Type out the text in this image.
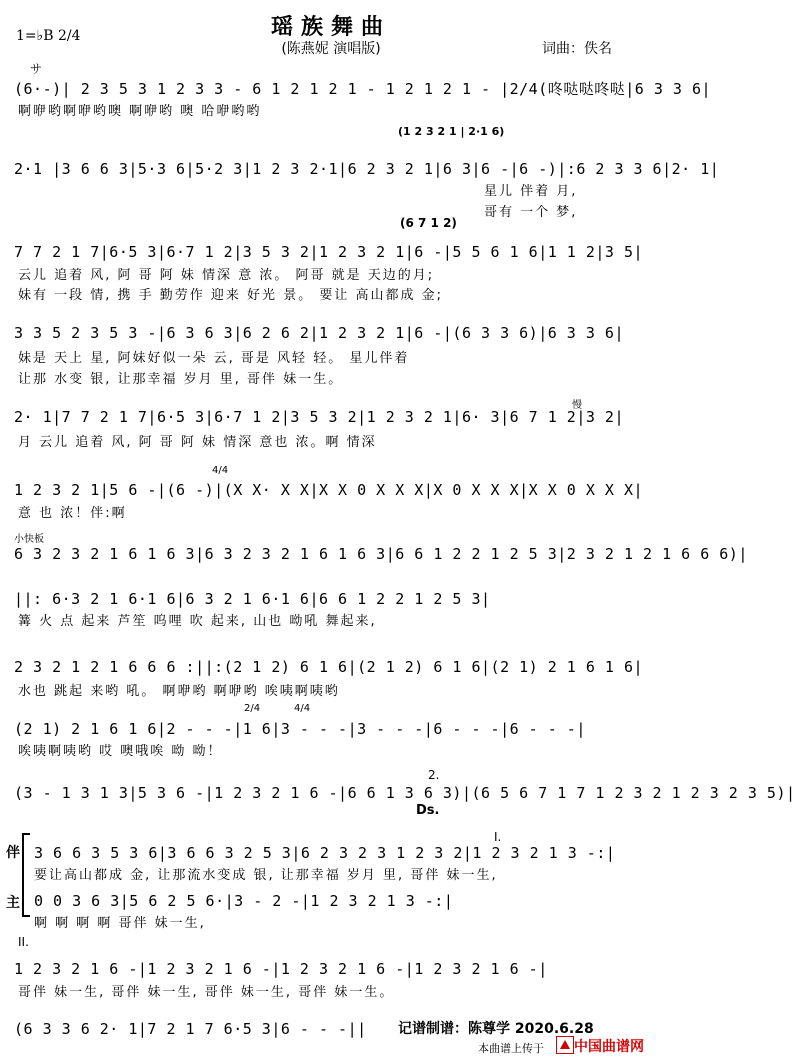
1=♭B 2/4	瑶族舞曲
(陈燕妮 演唱版)	词曲：佚名
サ
(1 2 3 2 1 | 2·1 6)
(6 7 1 2)
4/4
慢
小快板
2/4	4/4
2.
Ds.
I.
II.
(6·-)| 2 3 5 3 1 2 3 3 - 6 1 2 1 2 1 - 1 2 1 2 1 - |2/4(咚哒哒咚哒|6 3 3 6|
啊咿哟啊咿哟噢 啊咿哟 噢 哈咿哟哟
2·1 |3 6 6 3|5·3 6|5·2 3|1 2 3 2·1|6 2 3 2 1|6 3|6 -|6 -)|:6 2 3 3 6|2· 1|
星儿 伴着 月,
哥有 一个 梦,
7 7 2 1 7|6·5 3|6·7 1 2|3 5 3 2|1 2 3 2 1|6 -|5 5 6 1 6|1 1 2|3 5|
云儿 追着 风, 阿 哥 阿 妹 情深 意 浓。 阿哥 就是 天边的月;
妹有 一段 情, 携 手 勤劳作 迎来 好光 景。 要让 高山都成 金;
3 3 5 2 3 5 3 -|6 3 6 3|6 2 6 2|1 2 3 2 1|6 -|(6 3 3 6)|6 3 3 6|
妹是 天上 星, 阿妹好似一朵 云, 哥是 风轻 轻。 星儿伴着
让那 水变 银, 让那幸福 岁月 里, 哥伴 妹一生。
2· 1|7 7 2 1 7|6·5 3|6·7 1 2|3 5 3 2|1 2 3 2 1|6· 3|6 7 1 2|3 2|
月 云儿 追着 风, 阿 哥 阿 妹 情深 意也 浓。啊 情深
1 2 3 2 1|5 6 -|(6 -)|(X X· X X|X X 0 X X X|X 0 X X X|X X 0 X X X|
意 也 浓！伴:啊
6 3 2 3 2 1 6 1 6 3|6 3 2 3 2 1 6 1 6 3|6 6 1 2 2 1 2 5 3|2 3 2 1 2 1 6 6 6)|
||: 6·3 2 1 6·1 6|6 3 2 1 6·1 6|6 6 1 2 2 1 2 5 3|
篝 火 点 起来 芦笙 呜哩 吹 起来, 山也 呦吼 舞起来,
2 3 2 1 2 1 6 6 6 :||:(2 1 2) 6 1 6|(2 1 2) 6 1 6|(2 1) 2 1 6 1 6|
水也 跳起 来哟 吼。 啊咿哟 啊咿哟 唉咦啊咦哟
(2 1) 2 1 6 1 6|2 - - -|1 6|3 - - -|3 - - -|6 - - -|6 - - -|
唉咦啊咦哟 哎 噢哦唉 呦 呦！
(3 - 1 3 1 3|5 3 6 -|1 2 3 2 1 6 -|6 6 1 3 6 3)|(6 5 6 7 1 7 1 2 3 2 1 2 3 2 3 5)|
伴
主
3 6 6 3 5 3 6|3 6 6 3 2 5 3|6 2 3 2 3 1 2 3 2|1 2 3 2 1 3 -:|
要让高山都成 金, 让那流水变成 银, 让那幸福 岁月 里, 哥伴 妹一生,
0 0 3 6 3|5 6 2 5 6·|3 - 2 -|1 2 3 2 1 3 -:|
啊 啊 啊 啊 哥伴 妹一生,
1 2 3 2 1 6 -|1 2 3 2 1 6 -|1 2 3 2 1 6 -|1 2 3 2 1 6 -|
哥伴 妹一生, 哥伴 妹一生, 哥伴 妹一生, 哥伴 妹一生。
(6 3 3 6 2· 1|7 2 1 7 6·5 3|6 - - -||	记谱制谱：陈尊学 2020.6.28
本曲谱上传于 中国曲谱网
